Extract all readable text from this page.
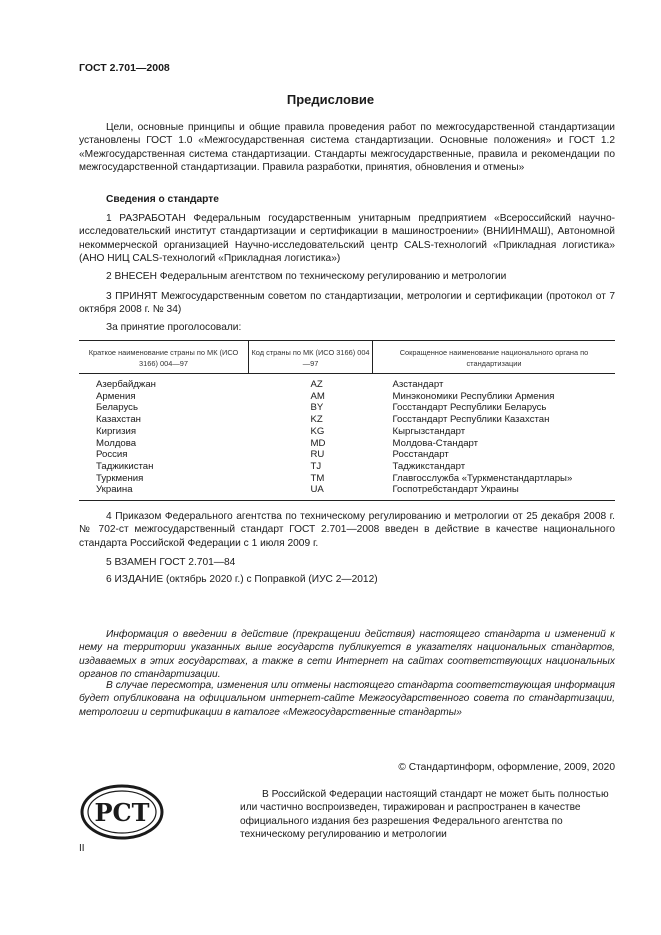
ГОСТ 2.701—2008
Предисловие
Цели, основные принципы и общие правила проведения работ по межгосударственной стандартизации установлены ГОСТ 1.0 «Межгосударственная система стандартизации. Основные положения» и ГОСТ 1.2 «Межгосударственная система стандартизации. Стандарты межгосударственные, правила и рекомендации по межгосударственной стандартизации. Правила разработки, принятия, обновления и отмены»
Сведения о стандарте
1 РАЗРАБОТАН Федеральным государственным унитарным предприятием «Всероссийский научно-исследовательский институт стандартизации и сертификации в машиностроении» (ВНИИНМАШ), Автономной некоммерческой организацией Научно-исследовательский центр CALS-технологий «Прикладная логистика» (АНО НИЦ CALS-технологий «Прикладная логистика»)
2 ВНЕСЕН Федеральным агентством по техническому регулированию и метрологии
3 ПРИНЯТ Межгосударственным советом по стандартизации, метрологии и сертификации (протокол от 7 октября 2008 г. № 34)
За принятие проголосовали:
Краткое наименование страны по МК (ИСО 3166) 004—97	Код страны по МК (ИСО 3166) 004—97	Сокращенное наименование национального органа по стандартизации
Азербайджан	AZ	Азстандарт
Армения	AM	Минэкономики Республики Армения
Беларусь	BY	Госстандарт Республики Беларусь
Казахстан	KZ	Госстандарт Республики Казахстан
Киргизия	KG	Кыргызстандарт
Молдова	MD	Молдова-Стандарт
Россия	RU	Росстандарт
Таджикистан	TJ	Таджикстандарт
Туркмения	TM	Главгосслужба «Туркменстандартлары»
Украина	UA	Госпотребстандарт Украины
4 Приказом Федерального агентства по техническому регулированию и метрологии от 25 декабря 2008 г. № 702-ст межгосударственный стандарт ГОСТ 2.701—2008 введен в действие в качестве национального стандарта Российской Федерации с 1 июля 2009 г.
5 ВЗАМЕН ГОСТ 2.701—84
6 ИЗДАНИЕ (октябрь 2020 г.) с Поправкой (ИУС 2—2012)
Информация о введении в действие (прекращении действия) настоящего стандарта и изменений к нему на территории указанных выше государств публикуется в указателях национальных стандартов, издаваемых в этих государствах, а также в сети Интернет на сайтах соответствующих национальных органов по стандартизации.
В случае пересмотра, изменения или отмены настоящего стандарта соответствующая информация будет опубликована на официальном интернет-сайте Межгосударственного совета по стандартизации, метрологии и сертификации в каталоге «Межгосударственные стандарты»
© Стандартинформ, оформление, 2009, 2020
РСТ
В Российской Федерации настоящий стандарт не может быть полностью или частично воспроизведен, тиражирован и распространен в качестве официального издания без разрешения Федерального агентства по техническому регулированию и метрологии
II
